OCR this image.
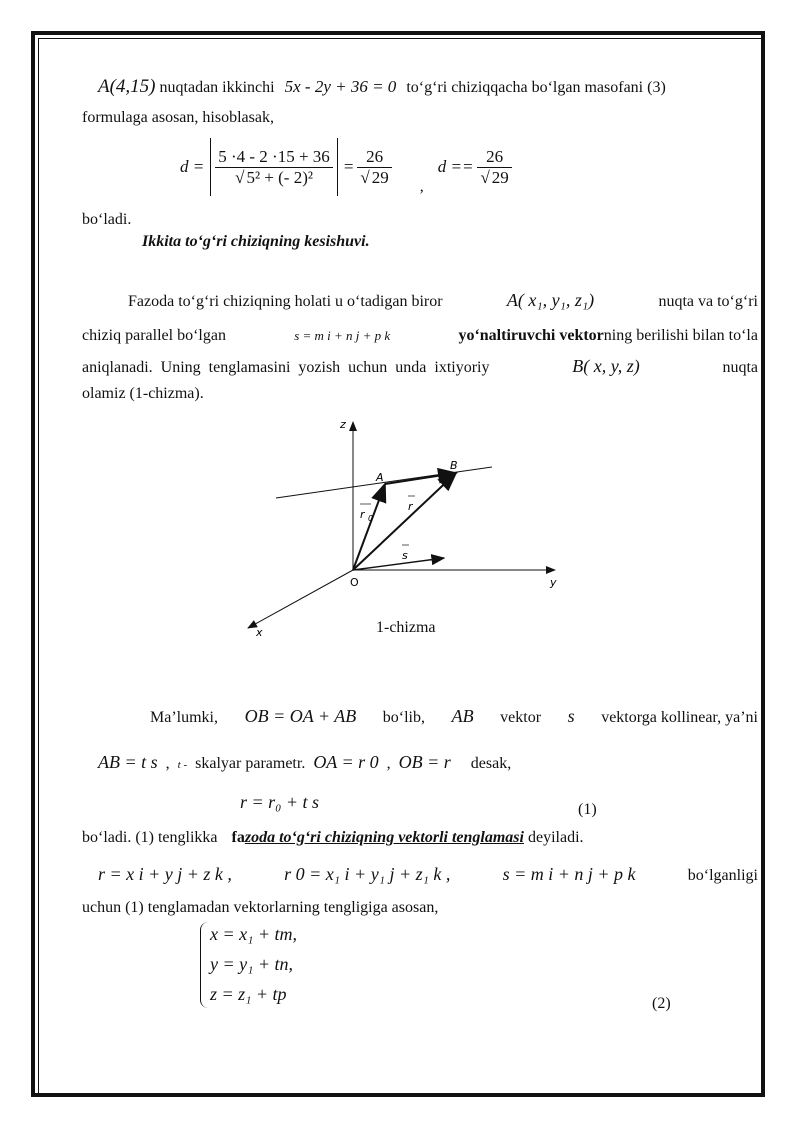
A(4,15) nuqtadan ikkinchi 5x - 2y + 36 = 0 to‘g‘ri chiziqqacha bo‘lgan masofani (3)
formulaga asosan, hisoblasak,
$d = \frac{5 \cdot 4 - 2 \cdot 15 + 36}{\text{√ 5² + (- 2)²}} = \frac{26}{√ 29}$ ,
$d == \frac{26}{√ 29}$
bo‘ladi.
Ikkita to‘g‘ri chiziqning kesishuvi.
Fazoda to‘g‘ri chiziqning holati u o‘tadigan biror	A( x₁, y₁, z₁)	nuqta va to‘g‘ri
chiziq parallel bo‘lgan	s = m i + n j + p k	yo‘naltiruvchi vektorning berilishi bilan to‘la
aniqlanadi. Uning tenglamasini yozish uchun unda ixtiyoriy	B( x, y, z)	nuqta
olamiz (1-chizma).
z
y
x
O
A
B
r 0
r
s
1-chizma
Ma’lumki, OB = OA + AB bo‘lib, AB vektor s vektorga kollinear, ya’ni
AB = t s , t - skalyar parametr. OA = r 0 , OB = r desak,
r = r₀ + t s	(1)
bo‘ladi. (1) tenglikka fazoda to‘g‘ri chiziqning vektorli tenglamasi deyiladi.
r = x i + y j + z k ,	r 0 = x₁ i + y₁ j + z₁ k ,	s = m i + n j + p k	bo‘lganligi
uchun (1) tenglamadan vektorlarning tengligiga asosan,
x = x₁ + tm,
y = y₁ + tn,
z = z₁ + tp	(2)
